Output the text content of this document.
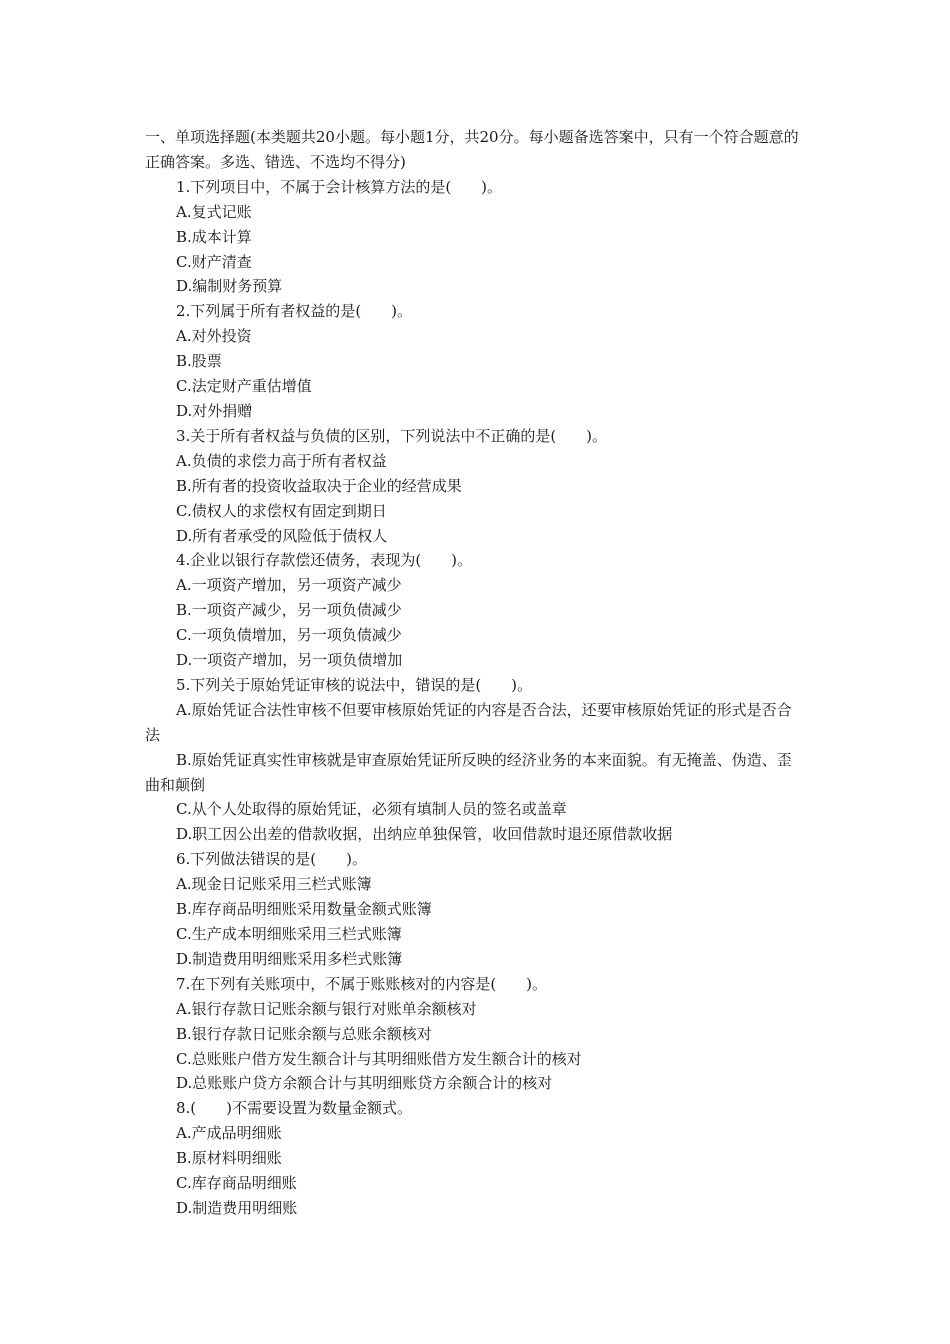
一、单项选择题(本类题共20小题。每小题1分，共20分。每小题备选答案中，只有一个符合题意的正确答案。多选、错选、不选均不得分)

1.下列项目中，不属于会计核算方法的是(　　)。

A.复式记账

B.成本计算

C.财产清查

D.编制财务预算

2.下列属于所有者权益的是(　　)。

A.对外投资

B.股票

C.法定财产重估增值

D.对外捐赠

3.关于所有者权益与负债的区别，下列说法中不正确的是(　　)。

A.负债的求偿力高于所有者权益

B.所有者的投资收益取决于企业的经营成果

C.债权人的求偿权有固定到期日

D.所有者承受的风险低于债权人

4.企业以银行存款偿还债务，表现为(　　)。

A.一项资产增加，另一项资产减少

B.一项资产减少，另一项负债减少

C.一项负债增加，另一项负债减少

D.一项资产增加，另一项负债增加

5.下列关于原始凭证审核的说法中，错误的是(　　)。

A.原始凭证合法性审核不但要审核原始凭证的内容是否合法，还要审核原始凭证的形式是否合法

B.原始凭证真实性审核就是审查原始凭证所反映的经济业务的本来面貌。有无掩盖、伪造、歪曲和颠倒

C.从个人处取得的原始凭证，必须有填制人员的签名或盖章

D.职工因公出差的借款收据，出纳应单独保管，收回借款时退还原借款收据

6.下列做法错误的是(　　)。

A.现金日记账采用三栏式账簿

B.库存商品明细账采用数量金额式账簿

C.生产成本明细账采用三栏式账簿

D.制造费用明细账采用多栏式账簿

7.在下列有关账项中，不属于账账核对的内容是(　　)。

A.银行存款日记账余额与银行对账单余额核对

B.银行存款日记账余额与总账余额核对

C.总账账户借方发生额合计与其明细账借方发生额合计的核对

D.总账账户贷方余额合计与其明细账贷方余额合计的核对

8.(　　)不需要设置为数量金额式。

A.产成品明细账

B.原材料明细账

C.库存商品明细账

D.制造费用明细账
